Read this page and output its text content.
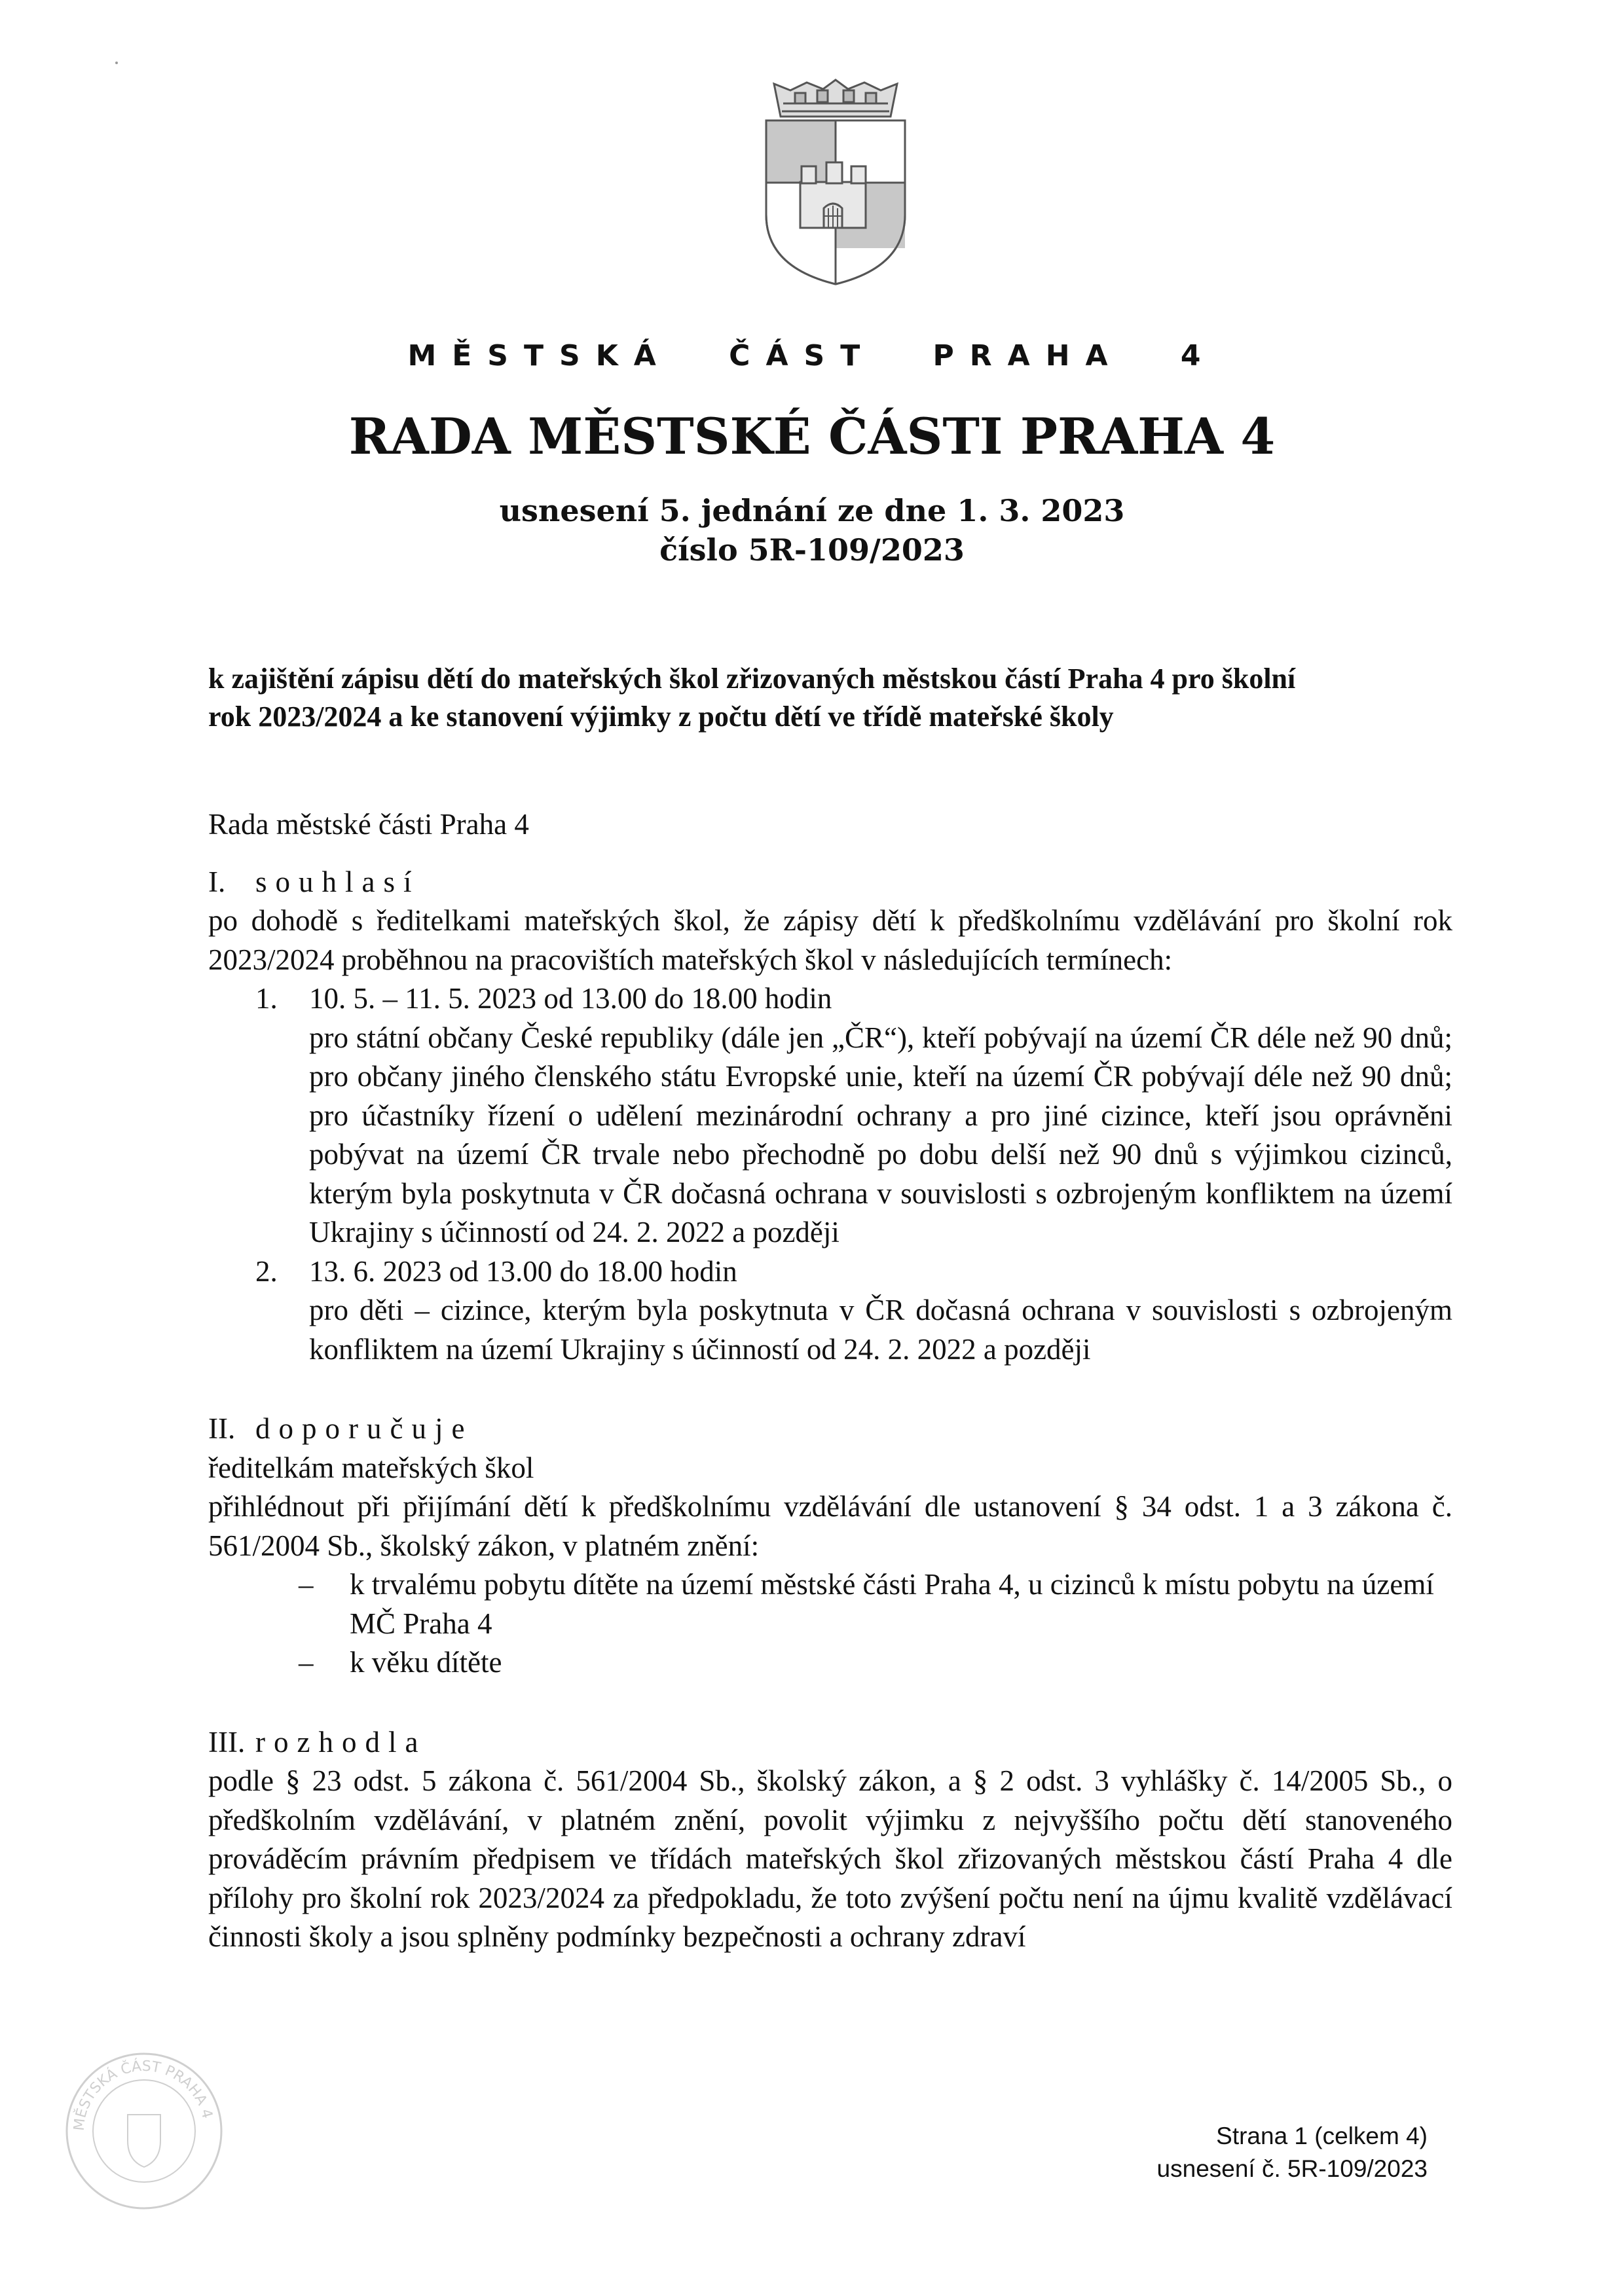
MĚSTSKÁ ČÁST PRAHA 4
RADA MĚSTSKÉ ČÁSTI PRAHA 4
usnesení 5. jednání ze dne 1. 3. 2023
číslo 5R-109/2023
k zajištění zápisu dětí do mateřských škol zřizovaných městskou částí Praha 4 pro školní
rok 2023/2024 a ke stanovení výjimky z počtu dětí ve třídě mateřské školy

Rada městské části Praha 4

I.	souhlasí

po dohodě s ředitelkami mateřských škol, že zápisy dětí k předškolnímu vzdělávání pro školní rok 2023/2024 proběhnou na pracovištích mateřských škol v následujících termínech:

1.	10. 5. – 11. 5. 2023 od 13.00 do 18.00 hodin
pro státní občany České republiky (dále jen „ČR“), kteří pobývají na území ČR déle než 90 dnů; pro občany jiného členského státu Evropské unie, kteří na území ČR pobývají déle než 90 dnů; pro účastníky řízení o udělení mezinárodní ochrany a pro jiné cizince, kteří jsou oprávněni pobývat na území ČR trvale nebo přechodně po dobu delší než 90 dnů s výjimkou cizinců, kterým byla poskytnuta v ČR dočasná ochrana v souvislosti s ozbrojeným konfliktem na území Ukrajiny s účinností od 24. 2. 2022 a později
2.	13. 6. 2023 od 13.00 do 18.00 hodin
pro děti – cizince, kterým byla poskytnuta v ČR dočasná ochrana v souvislosti s ozbrojeným konfliktem na území Ukrajiny s účinností od 24. 2. 2022 a později
II. doporučuje

ředitelkám mateřských škol

přihlédnout při přijímání dětí k předškolnímu vzdělávání dle ustanovení § 34 odst. 1 a 3 zákona č. 561/2004 Sb., školský zákon, v platném znění:

–	k trvalému pobytu dítěte na území městské části Praha 4, u cizinců k místu pobytu na území MČ Praha 4
–	k věku dítěte
III. rozhodla

podle § 23 odst. 5 zákona č. 561/2004 Sb., školský zákon, a § 2 odst. 3 vyhlášky č. 14/2005 Sb., o předškolním vzdělávání, v platném znění, povolit výjimku z nejvyššího počtu dětí stanoveného prováděcím právním předpisem ve třídách mateřských škol zřizovaných městskou částí Praha 4 dle přílohy pro školní rok 2023/2024 za předpokladu, že toto zvýšení počtu není na újmu kvalitě vzdělávací činnosti školy a jsou splněny podmínky bezpečnosti a ochrany zdraví

MĚSTSKÁ ČÁST PRAHA 4
Strana 1 (celkem 4)
usnesení č. 5R-109/2023
